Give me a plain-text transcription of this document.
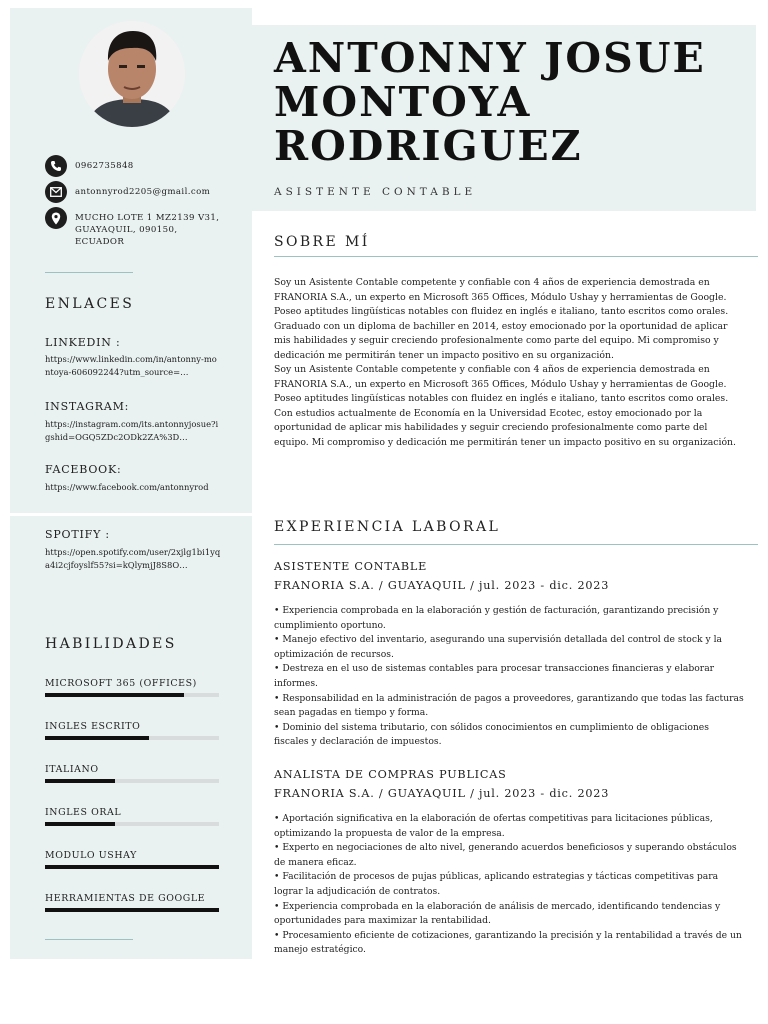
0962735848
antonnyrod2205@gmail.com
MUCHO LOTE 1 MZ2139 V31, GUAYAQUIL, 090150, ECUADOR
ENLACES
LINKEDIN :
https://www.linkedin.com/in/antonny-montoya-606092244?utm_source=…
INSTAGRAM:
https://instagram.com/its.antonnyjosue?igshid=OGQ5ZDc2ODk2ZA%3D…
FACEBOOK:
https://www.facebook.com/antonnyrod
SPOTIFY :
https://open.spotify.com/user/2xjlg1bi1yqa4i2cjfoyslf55?si=kQlymjJ8S8O…
HABILIDADES
MICROSOFT 365 (OFFICES)
INGLES ESCRITO
ITALIANO
INGLES ORAL
MODULO USHAY
HERRAMIENTAS DE GOOGLE
ANTONNY JOSUE MONTOYA RODRIGUEZ
ASISTENTE CONTABLE
SOBRE MÍ

Soy un Asistente Contable competente y confiable con 4 años de experiencia demostrada en FRANORIA S.A., un experto en Microsoft 365 Offices, Módulo Ushay y herramientas de Google. Poseo aptitudes lingüísticas notables con fluidez en inglés e italiano, tanto escritos como orales. Graduado con un diploma de bachiller en 2014, estoy emocionado por la oportunidad de aplicar mis habilidades y seguir creciendo profesionalmente como parte del equipo. Mi compromiso y dedicación me permitirán tener un impacto positivo en su organización.

Soy un Asistente Contable competente y confiable con 4 años de experiencia demostrada en FRANORIA S.A., un experto en Microsoft 365 Offices, Módulo Ushay y herramientas de Google. Poseo aptitudes lingüísticas notables con fluidez en inglés e italiano, tanto escritos como orales. Con estudios actualmente de Economía en la Universidad Ecotec, estoy emocionado por la oportunidad de aplicar mis habilidades y seguir creciendo profesionalmente como parte del equipo. Mi compromiso y dedicación me permitirán tener un impacto positivo en su organización.

EXPERIENCIA LABORAL
ASISTENTE CONTABLE
FRANORIA S.A. / GUAYAQUIL / jul. 2023 - dic. 2023
• Experiencia comprobada en la elaboración y gestión de facturación, garantizando precisión y cumplimiento oportuno.
• Manejo efectivo del inventario, asegurando una supervisión detallada del control de stock y la optimización de recursos.
• Destreza en el uso de sistemas contables para procesar transacciones financieras y elaborar informes.
• Responsabilidad en la administración de pagos a proveedores, garantizando que todas las facturas sean pagadas en tiempo y forma.
• Dominio del sistema tributario, con sólidos conocimientos en cumplimiento de obligaciones fiscales y declaración de impuestos.
ANALISTA DE COMPRAS PUBLICAS
FRANORIA S.A. / GUAYAQUIL / jul. 2023 - dic. 2023
• Aportación significativa en la elaboración de ofertas competitivas para licitaciones públicas, optimizando la propuesta de valor de la empresa.
• Experto en negociaciones de alto nivel, generando acuerdos beneficiosos y superando obstáculos de manera eficaz.
• Facilitación de procesos de pujas públicas, aplicando estrategias y tácticas competitivas para lograr la adjudicación de contratos.
• Experiencia comprobada en la elaboración de análisis de mercado, identificando tendencias y oportunidades para maximizar la rentabilidad.
• Procesamiento eficiente de cotizaciones, garantizando la precisión y la rentabilidad a través de un manejo estratégico.
